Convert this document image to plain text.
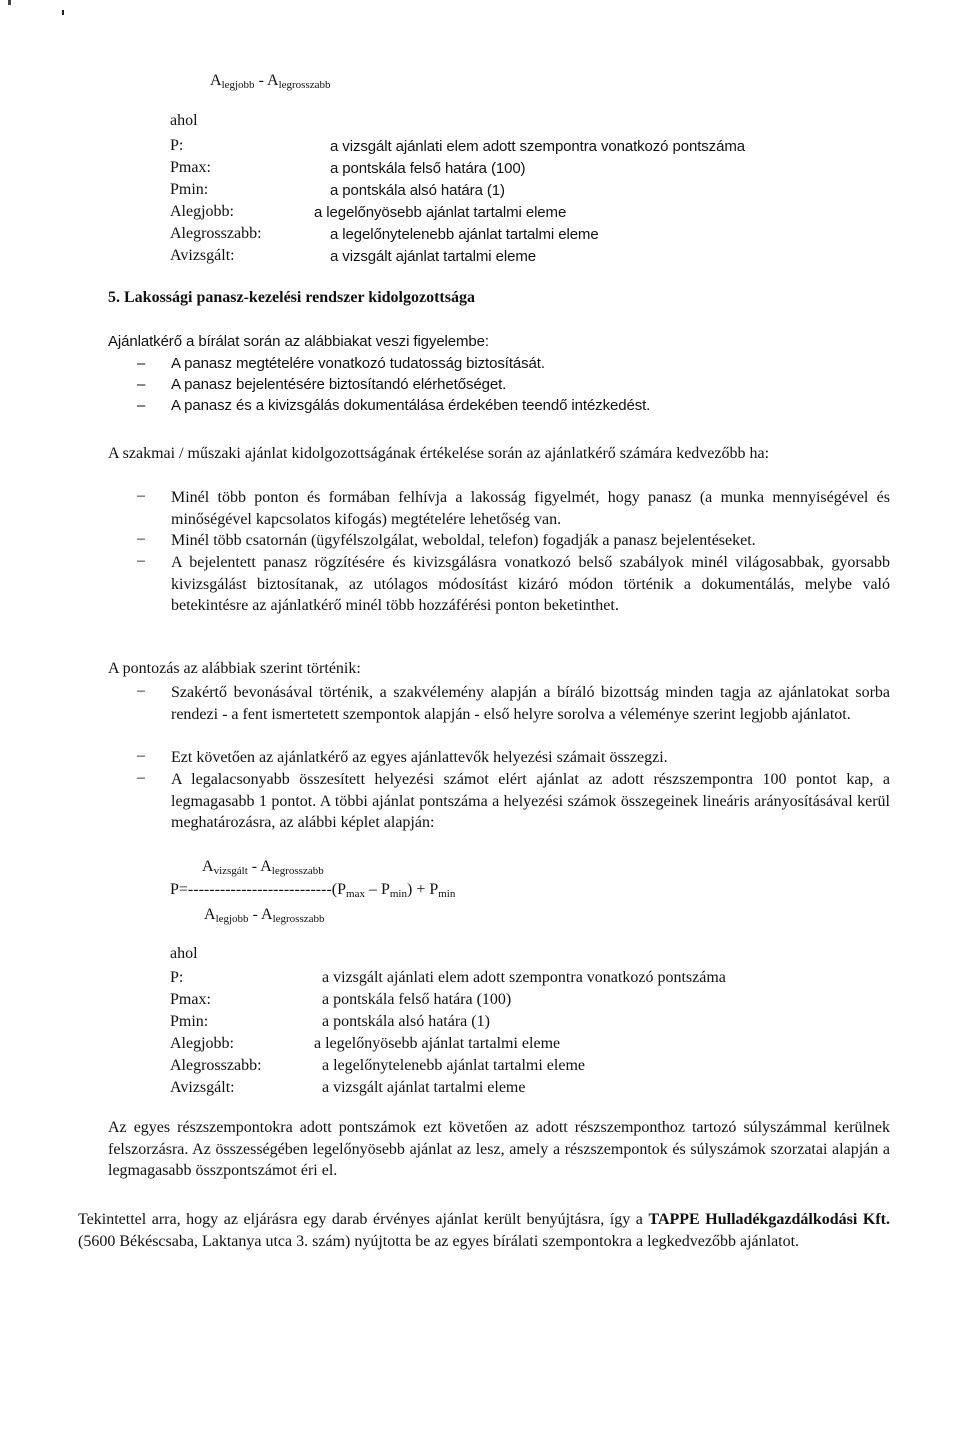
$A_{legjobb} - A_{legrosszabb}$
ahol
P:	a vizsgált ajánlati elem adott szempontra vonatkozó pontszáma
Pmax:	a pontskála felső határa (100)
Pmin:	a pontskála alsó határa (1)
Alegjobb:	a legelőnyösebb ajánlat tartalmi eleme
Alegrosszabb:	a legelőnytelenebb ajánlat tartalmi eleme
Avizsgált:	a vizsgált ajánlat tartalmi eleme
5. Lakossági panasz-kezelési rendszer kidolgozottsága
Ajánlatkérő a bírálat során az alábbiakat veszi figyelembe:
– A panasz megtételére vonatkozó tudatosság biztosítását.
– A panasz bejelentésére biztosítandó elérhetőséget.
– A panasz és a kivizsgálás dokumentálása érdekében teendő intézkedést.
A szakmai / műszaki ajánlat kidolgozottságának értékelése során az ajánlatkérő számára kedvezőbb ha:
– Minél több ponton és formában felhívja a lakosság figyelmét, hogy panasz (a munka mennyiségével és minőségével kapcsolatos kifogás) megtételére lehetőség van.
– Minél több csatornán (ügyfélszolgálat, weboldal, telefon) fogadják a panasz bejelentéseket.
– A bejelentett panasz rögzítésére és kivizsgálásra vonatkozó belső szabályok minél világosabbak, gyorsabb kivizsgálást biztosítanak, az utólagos módosítást kizáró módon történik a dokumentálás, melybe való betekintésre az ajánlatkérő minél több hozzáférési ponton beketinthet.
A pontozás az alábbiak szerint történik:
– Szakértő bevonásával történik, a szakvélemény alapján a bíráló bizottság minden tagja az ajánlatokat sorba rendezi - a fent ismertetett szempontok alapján - első helyre sorolva a véleménye szerint legjobb ajánlatot.
– Ezt követően az ajánlatkérő az egyes ajánlattevők helyezési számait összegzi.
– A legalacsonyabb összesített helyezési számot elért ajánlat az adott részszempontra 100 pontot kap, a legmagasabb 1 pontot. A többi ajánlat pontszáma a helyezési számok összegeinek lineáris arányosításával kerül meghatározásra, az alábbi képlet alapján:
$A_{vizsgált} - A_{legrosszabb}$
$P=---------------------------(P_{max} - P_{min}) + P_{min}$
$A_{legjobb} - A_{legrosszabb}$
ahol
P:	a vizsgált ajánlati elem adott szempontra vonatkozó pontszáma
Pmax:	a pontskála felső határa (100)
Pmin:	a pontskála alsó határa (1)
Alegjobb:	a legelőnyösebb ajánlat tartalmi eleme
Alegrosszabb:	a legelőnytelenebb ajánlat tartalmi eleme
Avizsgált:	a vizsgált ajánlat tartalmi eleme
Az egyes részszempontokra adott pontszámok ezt követően az adott részszemponthoz tartozó súlyszámmal kerülnek felszorzásra. Az összességében legelőnyösebb ajánlat az lesz, amely a részszempontok és súlyszámok szorzatai alapján a legmagasabb összpontszámot éri el.
Tekintettel arra, hogy az eljárásra egy darab érvényes ajánlat került benyújtásra, így a TAPPE Hulladékgazdálkodási Kft. (5600 Békéscsaba, Laktanya utca 3. szám) nyújtotta be az egyes bírálati szempontokra a legkedvezőbb ajánlatot.
